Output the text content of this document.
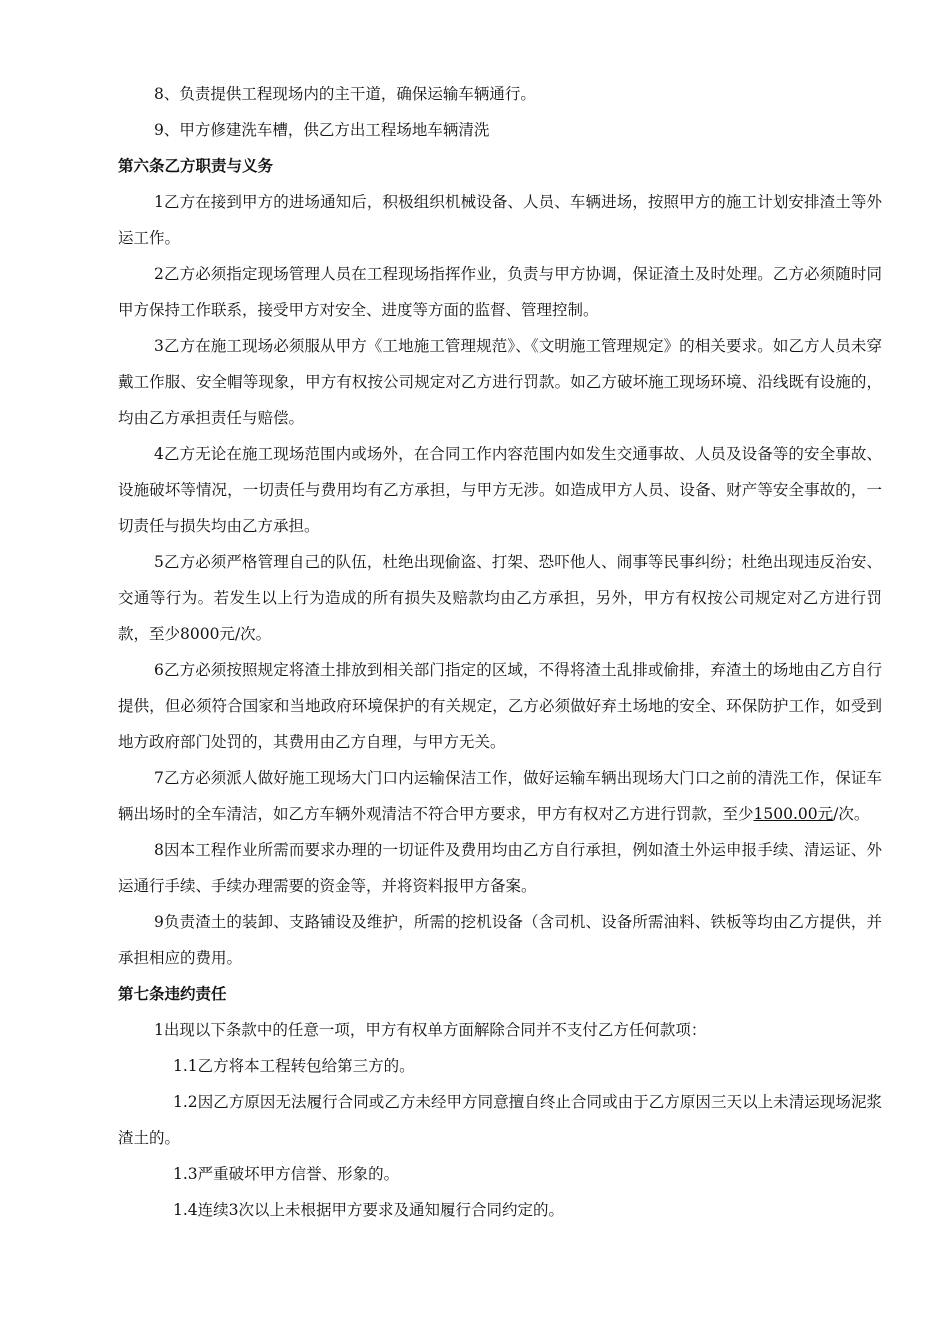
8、负责提供工程现场内的主干道，确保运输车辆通行。

9、甲方修建洗车槽，供乙方出工程场地车辆清洗

第六条乙方职责与义务

1乙方在接到甲方的进场通知后，积极组织机械设备、人员、车辆进场，按照甲方的施工计划安排渣土等外运工作。

2乙方必须指定现场管理人员在工程现场指挥作业，负责与甲方协调，保证渣土及时处理。乙方必须随时同甲方保持工作联系，接受甲方对安全、进度等方面的监督、管理控制。

3乙方在施工现场必须服从甲方《工地施工管理规范》、《文明施工管理规定》的相关要求。如乙方人员未穿戴工作服、安全帽等现象，甲方有权按公司规定对乙方进行罚款。如乙方破坏施工现场环境、沿线既有设施的，均由乙方承担责任与赔偿。

4乙方无论在施工现场范围内或场外，在合同工作内容范围内如发生交通事故、人员及设备等的安全事故、设施破坏等情况，一切责任与费用均有乙方承担，与甲方无涉。如造成甲方人员、设备、财产等安全事故的，一切责任与损失均由乙方承担。

5乙方必须严格管理自己的队伍，杜绝出现偷盗、打架、恐吓他人、闹事等民事纠纷；杜绝出现违反治安、交通等行为。若发生以上行为造成的所有损失及赔款均由乙方承担，另外，甲方有权按公司规定对乙方进行罚款，至少8000元/次。

6乙方必须按照规定将渣土排放到相关部门指定的区域，不得将渣土乱排或偷排，弃渣土的场地由乙方自行提供，但必须符合国家和当地政府环境保护的有关规定，乙方必须做好弃土场地的安全、环保防护工作，如受到地方政府部门处罚的，其费用由乙方自理，与甲方无关。

7乙方必须派人做好施工现场大门口内运输保洁工作，做好运输车辆出现场大门口之前的清洗工作，保证车辆出场时的全车清洁，如乙方车辆外观清洁不符合甲方要求，甲方有权对乙方进行罚款，至少1500.00元/次。

8因本工程作业所需而要求办理的一切证件及费用均由乙方自行承担，例如渣土外运申报手续、清运证、外运通行手续、手续办理需要的资金等，并将资料报甲方备案。

9负责渣土的装卸、支路铺设及维护，所需的挖机设备（含司机、设备所需油料、铁板等均由乙方提供，并承担相应的费用。

第七条违约责任

1出现以下条款中的任意一项，甲方有权单方面解除合同并不支付乙方任何款项：

1.1乙方将本工程转包给第三方的。

1.2因乙方原因无法履行合同或乙方未经甲方同意擅自终止合同或由于乙方原因三天以上未清运现场泥浆渣土的。

1.3严重破坏甲方信誉、形象的。

1.4连续3次以上未根据甲方要求及通知履行合同约定的。
